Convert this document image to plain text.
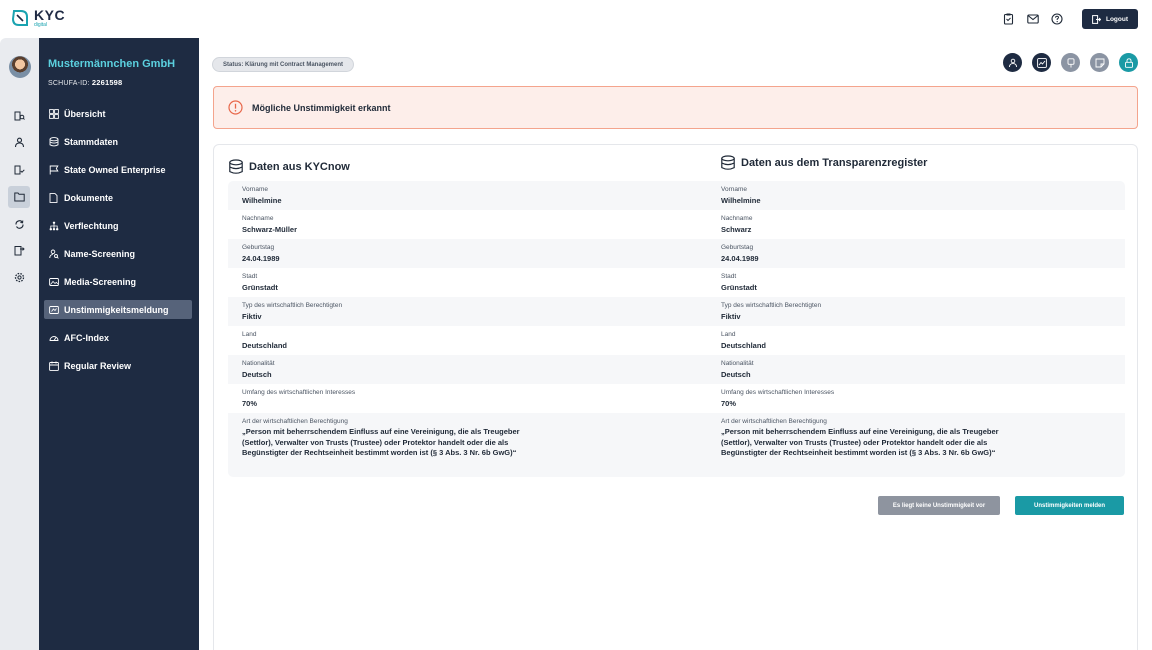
KYC
digital
Logout
Mustermännchen GmbH
SCHUFA-ID: 2261598
Übersicht
Stammdaten
State Owned Enterprise
Dokumente
Verflechtung
Name-Screening
Media-Screening
Unstimmigkeitsmeldung
AFC-Index
Regular Review
Status: Klärung mit Contract Management
Mögliche Unstimmigkeit erkannt
Daten aus KYCnow	Daten aus dem Transparenzregister
Vorname
Wilhelmine
Vorname
Wilhelmine
Nachname
Schwarz-Müller
Nachname
Schwarz
Geburtstag
24.04.1989
Geburtstag
24.04.1989
Stadt
Grünstadt
Stadt
Grünstadt
Typ des wirtschaftlich Berechtigten
Fiktiv
Typ des wirtschaftlich Berechtigten
Fiktiv
Land
Deutschland
Land
Deutschland
Nationalität
Deutsch
Nationalität
Deutsch
Umfang des wirtschaftlichen Interesses
70%
Umfang des wirtschaftlichen Interesses
70%
Art der wirtschaftlichen Berechtigung
„Person mit beherrschendem Einfluss auf eine Vereinigung, die als Treugeber (Settlor), Verwalter von Trusts (Trustee) oder Protektor handelt oder die als Begünstigter der Rechtseinheit bestimmt worden ist (§ 3 Abs. 3 Nr. 6b GwG)“
Art der wirtschaftlichen Berechtigung
„Person mit beherrschendem Einfluss auf eine Vereinigung, die als Treugeber (Settlor), Verwalter von Trusts (Trustee) oder Protektor handelt oder die als Begünstigter der Rechtseinheit bestimmt worden ist (§ 3 Abs. 3 Nr. 6b GwG)“
Es liegt keine Unstimmigkeit vor	Unstimmigkeiten melden
